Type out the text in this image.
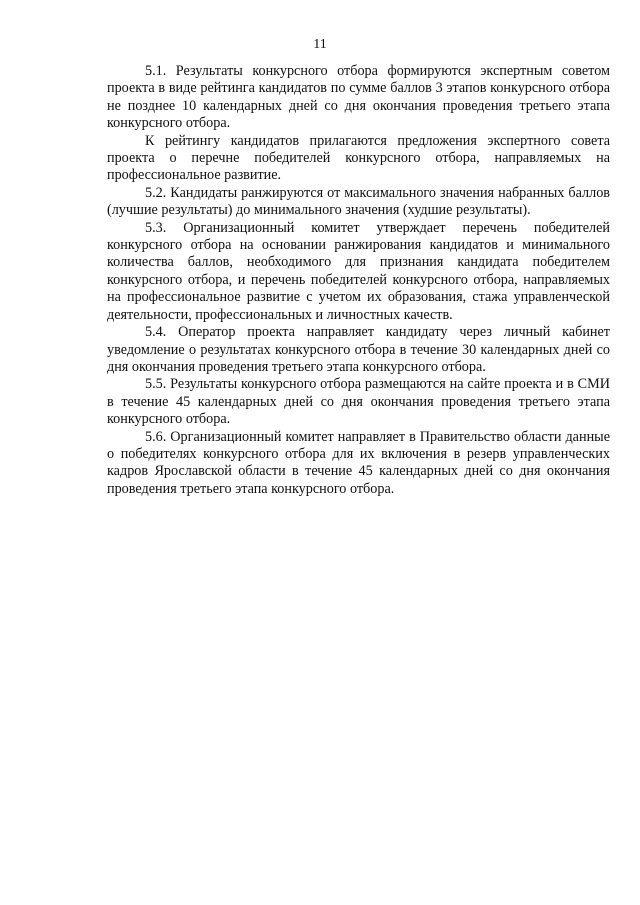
11

5.1. Результаты конкурсного отбора формируются экспертным советом проекта в виде рейтинга кандидатов по сумме баллов 3 этапов конкурсного отбора не позднее 10 календарных дней со дня окончания проведения третьего этапа конкурсного отбора.

К рейтингу кандидатов прилагаются предложения экспертного совета проекта о перечне победителей конкурсного отбора, направляемых на профессиональное развитие.

5.2. Кандидаты ранжируются от максимального значения набранных баллов (лучшие результаты) до минимального значения (худшие результаты).

5.3. Организационный комитет утверждает перечень победителей конкурсного отбора на основании ранжирования кандидатов и минимального количества баллов, необходимого для признания кандидата победителем конкурсного отбора, и перечень победителей конкурсного отбора, направляемых на профессиональное развитие с учетом их образования, стажа управленческой деятельности, профессиональных и личностных качеств.

5.4. Оператор проекта направляет кандидату через личный кабинет уведомление о результатах конкурсного отбора в течение 30 календарных дней со дня окончания проведения третьего этапа конкурсного отбора.

5.5. Результаты конкурсного отбора размещаются на сайте проекта и в СМИ в течение 45 календарных дней со дня окончания проведения третьего этапа конкурсного отбора.

5.6. Организационный комитет направляет в Правительство области данные о победителях конкурсного отбора для их включения в резерв управленческих кадров Ярославской области в течение 45 календарных дней со дня окончания проведения третьего этапа конкурсного отбора.
